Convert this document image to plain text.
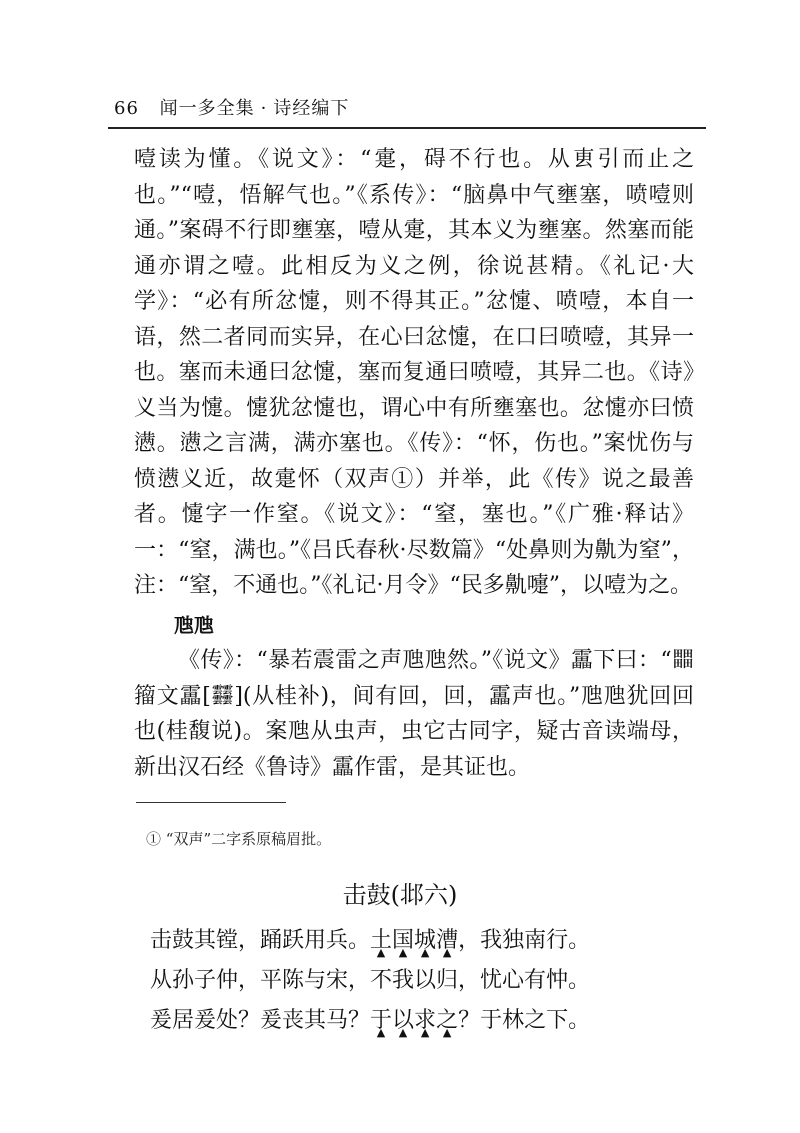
66 闻一多全集 · 诗经编下

噎读为懂。《说文》：“疐，碍不行也。从叀引而止之也。”“噎，悟解气也。”《系传》：“脑鼻中气壅塞，喷噎则通。”案碍不行即壅塞，噎从疐，其本义为壅塞。然塞而能通亦谓之噎。此相反为义之例，徐说甚精。《礼记·大学》：“必有所忿懥，则不得其正。”忿懥、喷噎，本自一语，然二者同而实异，在心曰忿懥，在口曰喷噎，其异一也。塞而未通曰忿懥，塞而复通曰喷噎，其异二也。《诗》义当为懥。懥犹忿懥也，谓心中有所壅塞也。忿懥亦曰愤懑。懑之言满，满亦塞也。《传》：“怀，伤也。”案忧伤与愤懑义近，故疐怀（双声①）并举，此《传》说之最善者。懥字一作窒。《说文》：“窒，塞也。”《广雅·释诂》一：“窒，满也。”《吕氏春秋·尽数篇》“处鼻则为鼽为窒”，注：“窒，不通也。”《礼记·月令》“民多鼽嚏”，以噎为之。

虺虺

《传》：“暴若震雷之声虺虺然。”《说文》靁下曰：“𤳳籀文靁[𩇔](从桂补)，间有回，回，靁声也。”虺虺犹回回也(桂馥说)。案虺从虫声，虫它古同字，疑古音读端母，新出汉石经《鲁诗》靁作雷，是其证也。

① “双声”二字系原稿眉批。
击鼓(邶六)
击鼓其镗，踊跃用兵。土 ▲国 ▲城 ▲漕 ▲，我独南行。
从孙子仲，平陈与宋，不我以归，忧心有忡。
爰居爰处？爰丧其马？于 ▲以 ▲求 ▲之 ▲？于林之下。
